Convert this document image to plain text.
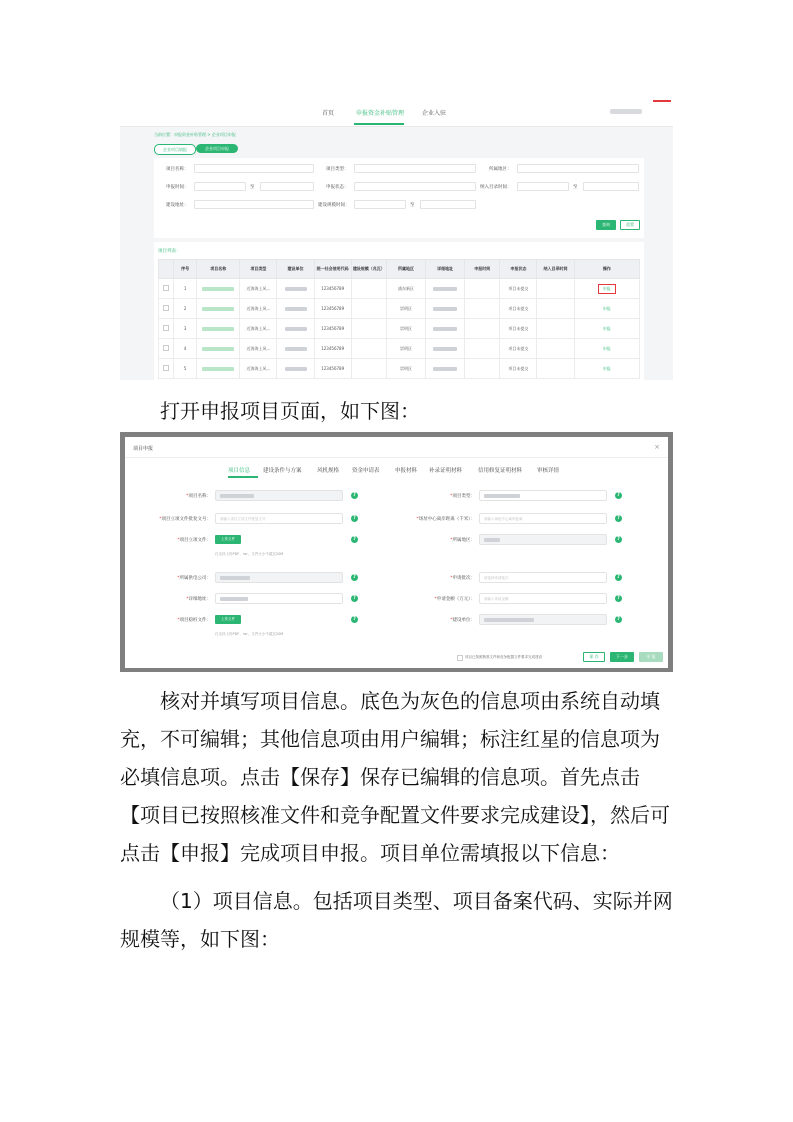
首页	申报资金补贴管理	企业入驻
当前位置：申报资金补贴管理 > 企业项目申报
企业项目填报	企业项目申报
项目名称：	项目类型：	所属地区：
申报时间：	至	申报状态：	纳入目录时间：	至
建设地址：	建设规模时间：	至
查询	重置
项目列表：
	序号	项目名称	项目类型	建设单位	统一社会信用代码	建设规模（兆瓦）	所属地区	详细地址	申报时间	申报状态	纳入目录时间	操作
	1		近海海上风...		123456789		浦东新区			项目未提交		申报
	2		近海海上风...		123456789		崇明区			项目未提交		申报
	3		近海海上风...		123456789		崇明区			项目未提交		申报
	4		近海海上风...		123456789		崇明区			项目未提交		申报
	5		近海海上风...		123456789		崇明区			项目未提交		申报

打开申报项目页面，如下图：

项目申报	×
项目信息 建设条件与方案	风机规格 资金申请表	申报材料 补录证明材料	信用修复证明材料	审核详情
*项目名称：	?
*项目立项文件批复文号：	请输入项目立项文件批复文号	?
*项目立项文件：	上传文件
仅支持上传PDF、rar、文件大小不超过20M
?
*所属供电公司：	?
*详细地址：	?
*项目稳桩文件：	上传文件
仅支持上传PDF、rar、文件大小不超过20M
?
*项目类型：	?
*场址中心离岸距离（千米）：	请输入场址中心离岸距离	?
*所属地区：	?
*申请批次：	请选择申请批次	?
*申请金额（万元）：	请输入申请金额	?
*建设单位：	?
项目已按照核准文件和竞争配置文件要求完成建设	保 存	下一步	申 报

核对并填写项目信息。底色为灰色的信息项由系统自动填充，不可编辑；其他信息项由用户编辑；标注红星的信息项为必填信息项。点击【保存】保存已编辑的信息项。首先点击【项目已按照核准文件和竞争配置文件要求完成建设】，然后可点击【申报】完成项目申报。项目单位需填报以下信息：

（1）项目信息。包括项目类型、项目备案代码、实际并网规模等，如下图：
